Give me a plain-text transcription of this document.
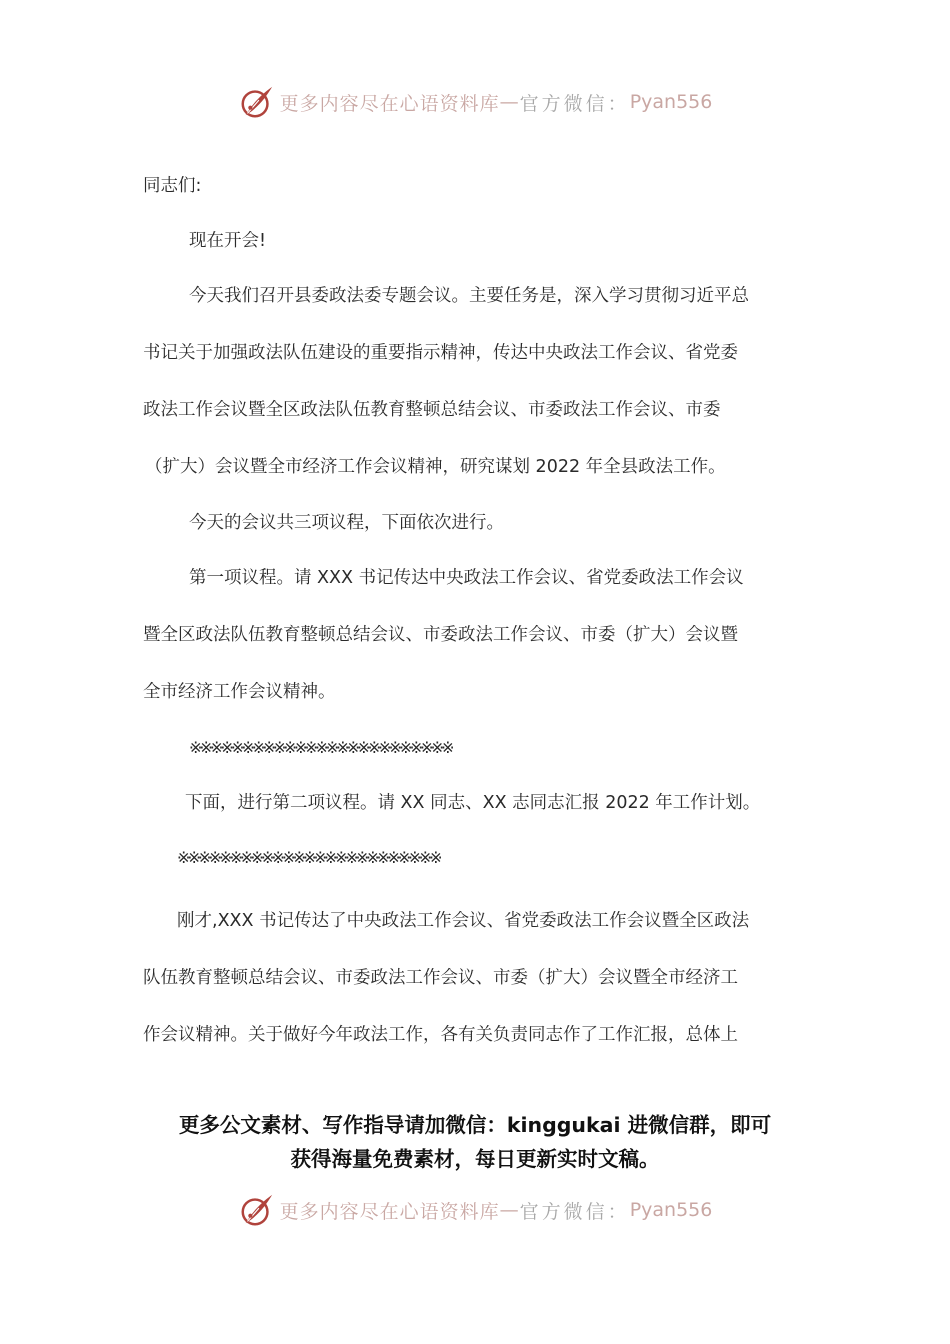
更多内容尽在心语资料库 — 官方微信： Pyan556
同志们:
现在开会!
今天我们召开县委政法委专题会议。主要任务是，深入学习贯彻习近平总
书记关于加强政法队伍建设的重要指示精神，传达中央政法工作会议、省党委
政法工作会议暨全区政法队伍教育整顿总结会议、市委政法工作会议、市委
（扩大）会议暨全市经济工作会议精神，研究谋划 2022 年全县政法工作。
今天的会议共三项议程，下面依次进行。
第一项议程。请 XXX 书记传达中央政法工作会议、省党委政法工作会议
暨全区政法队伍教育整顿总结会议、市委政法工作会议、市委（扩大）会议暨
全市经济工作会议精神。
※※※※※※※※※※※※※※※※※※※※※※※※※
下面，进行第二项议程。请 XX 同志、XX 志同志汇报 2022 年工作计划。
※※※※※※※※※※※※※※※※※※※※※※※※※
刚才,XXX 书记传达了中央政法工作会议、省党委政法工作会议暨全区政法
队伍教育整顿总结会议、市委政法工作会议、市委（扩大）会议暨全市经济工
作会议精神。关于做好今年政法工作，各有关负责同志作了工作汇报，总体上
更多公文素材、写作指导请加微信：kinggukai 进微信群，即可
获得海量免费素材，每日更新实时文稿。
更多内容尽在心语资料库 — 官方微信： Pyan556
